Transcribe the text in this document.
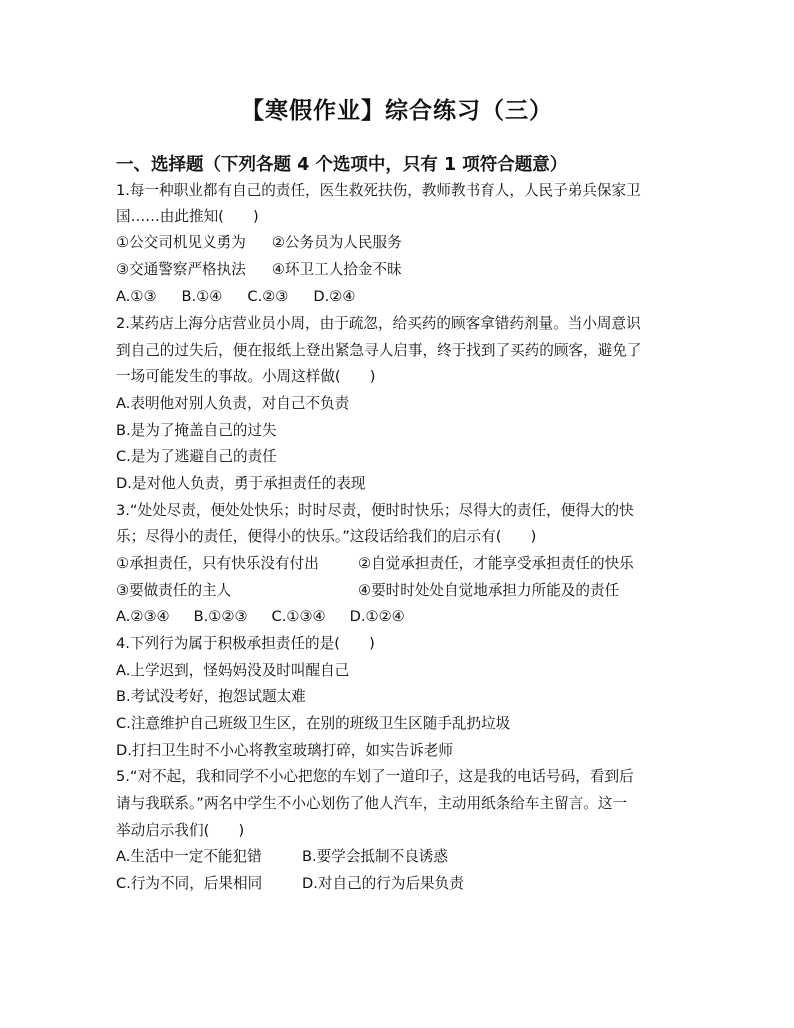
【寒假作业】综合练习（三）
一、选择题（下列各题 4 个选项中，只有 1 项符合题意）
1.每一种职业都有自己的责任，医生救死扶伤，教师教书育人，人民子弟兵保家卫
国……由此推知(　　)
①公交司机见义勇为 ②公务员为人民服务
③交通警察严格执法 ④环卫工人拾金不昧
A.①③ B.①④ C.②③ D.②④
2.某药店上海分店营业员小周，由于疏忽，给买药的顾客拿错药剂量。当小周意识
到自己的过失后，便在报纸上登出紧急寻人启事，终于找到了买药的顾客，避免了
一场可能发生的事故。小周这样做(　　)
A.表明他对别人负责，对自己不负责
B.是为了掩盖自己的过失
C.是为了逃避自己的责任
D.是对他人负责，勇于承担责任的表现
3.“处处尽责，便处处快乐；时时尽责，便时时快乐；尽得大的责任，便得大的快
乐；尽得小的责任，便得小的快乐。”这段话给我们的启示有(　　)
①承担责任，只有快乐没有付出	②自觉承担责任，才能享受承担责任的快乐
③要做责任的主人	④要时时处处自觉地承担力所能及的责任
A.②③④ B.①②③ C.①③④ D.①②④
4.下列行为属于积极承担责任的是(　　)
A.上学迟到，怪妈妈没及时叫醒自己
B.考试没考好，抱怨试题太难
C.注意维护自己班级卫生区，在别的班级卫生区随手乱扔垃圾
D.打扫卫生时不小心将教室玻璃打碎，如实告诉老师
5.“对不起，我和同学不小心把您的车划了一道印子，这是我的电话号码，看到后
请与我联系。”两名中学生不小心划伤了他人汽车，主动用纸条给车主留言。这一
举动启示我们(　　)
A.生活中一定不能犯错	B.要学会抵制不良诱惑
C.行为不同，后果相同	D.对自己的行为后果负责
